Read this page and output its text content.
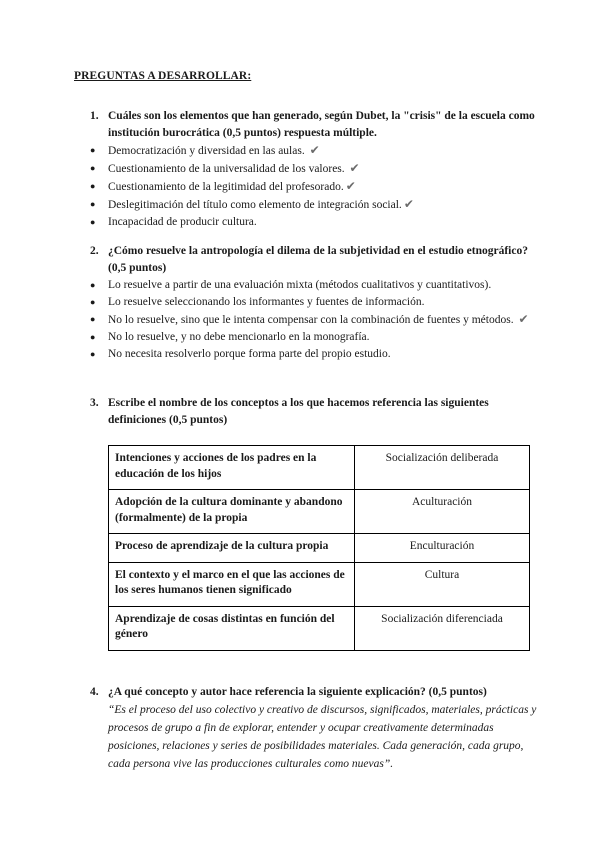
PREGUNTAS A DESARROLLAR:
1. Cuáles son los elementos que han generado, según Dubet, la "crisis" de la escuela como institución burocrática (0,5 puntos) respuesta múltiple.
●	Democratización y diversidad en las aulas. ✔
●	Cuestionamiento de la universalidad de los valores. ✔
●	Cuestionamiento de la legitimidad del profesorado. ✔
●	Deslegitimación del título como elemento de integración social. ✔
●	Incapacidad de producir cultura.
2. ¿Cómo resuelve la antropología el dilema de la subjetividad en el estudio etnográfico? (0,5 puntos)
●	Lo resuelve a partir de una evaluación mixta (métodos cualitativos y cuantitativos).
●	Lo resuelve seleccionando los informantes y fuentes de información.
●	No lo resuelve, sino que le intenta compensar con la combinación de fuentes y métodos. ✔
●	No lo resuelve, y no debe mencionarlo en la monografía.
●	No necesita resolverlo porque forma parte del propio estudio.
3. Escribe el nombre de los conceptos a los que hacemos referencia las siguientes definiciones (0,5 puntos)
Intenciones y acciones de los padres en la educación de los hijos	Socialización deliberada
Adopción de la cultura dominante y abandono (formalmente) de la propia	Aculturación
Proceso de aprendizaje de la cultura propia	Enculturación
El contexto y el marco en el que las acciones de los seres humanos tienen significado	Cultura
Aprendizaje de cosas distintas en función del género	Socialización diferenciada
4. ¿A qué concepto y autor hace referencia la siguiente explicación? (0,5 puntos)
“Es el proceso del uso colectivo y creativo de discursos, significados, materiales, prácticas y procesos de grupo a fin de explorar, entender y ocupar creativamente determinadas posiciones, relaciones y series de posibilidades materiales. Cada generación, cada grupo, cada persona vive las producciones culturales como nuevas”.
